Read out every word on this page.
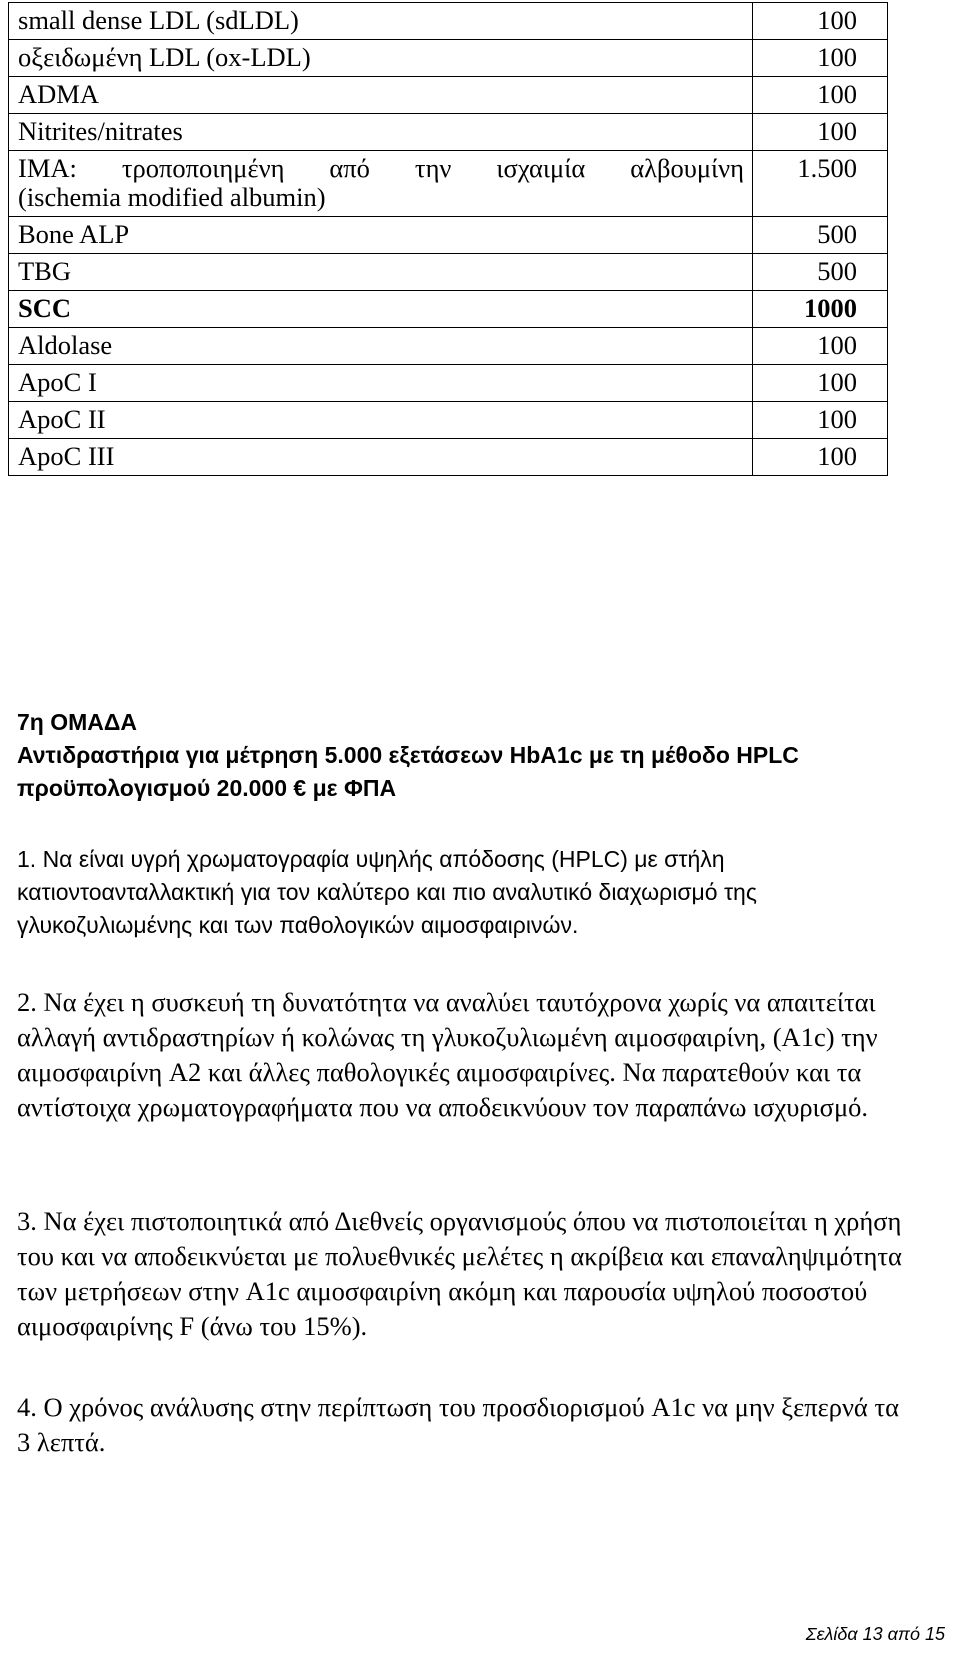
small dense LDL (sdLDL)	100
οξειδωμένη LDL (ox-LDL)	100
ADMA	100
Nitrites/nitrates	100

IMA: τροποποιημένη από την ισχαιμία αλβουμίνη
(ischemia modified albumin)	1.500
Bone ALP	500
TBG	500
SCC	1000
Aldolase	100
ApoC I	100
ApoC II	100
ApoC III	100

7η ΟΜΑΔΑ

Αντιδραστήρια για μέτρηση 5.000 εξετάσεων HbA1c με τη μέθοδο HPLC

προϋπολογισμού 20.000 € με ΦΠΑ

1. Να είναι υγρή χρωματογραφία υψηλής απόδοσης (HPLC) με στήλη κατιοντοανταλλακτική για τον καλύτερο και πιο αναλυτικό διαχωρισμό της γλυκοζυλιωμένης και των παθολογικών αιμοσφαιρινών.

2. Να έχει η συσκευή τη δυνατότητα να αναλύει ταυτόχρονα χωρίς να απαιτείται αλλαγή αντιδραστηρίων ή κολώνας τη γλυκοζυλιωμένη αιμοσφαιρίνη, (A1c) την αιμοσφαιρίνη A2 και άλλες παθολογικές αιμοσφαιρίνες. Να παρατεθούν και τα αντίστοιχα χρωματογραφήματα που να αποδεικνύουν τον παραπάνω ισχυρισμό.

3. Να έχει πιστοποιητικά από Διεθνείς οργανισμούς όπου να πιστοποιείται η χρήση του και να αποδεικνύεται με πολυεθνικές μελέτες η ακρίβεια και επαναληψιμότητα των μετρήσεων στην A1c αιμοσφαιρίνη ακόμη και παρουσία υψηλού ποσοστού αιμοσφαιρίνης F (άνω του 15%).

4. Ο χρόνος ανάλυσης στην περίπτωση του προσδιορισμού A1c να μην ξεπερνά τα 3 λεπτά.

Σελίδα 13 από 15
